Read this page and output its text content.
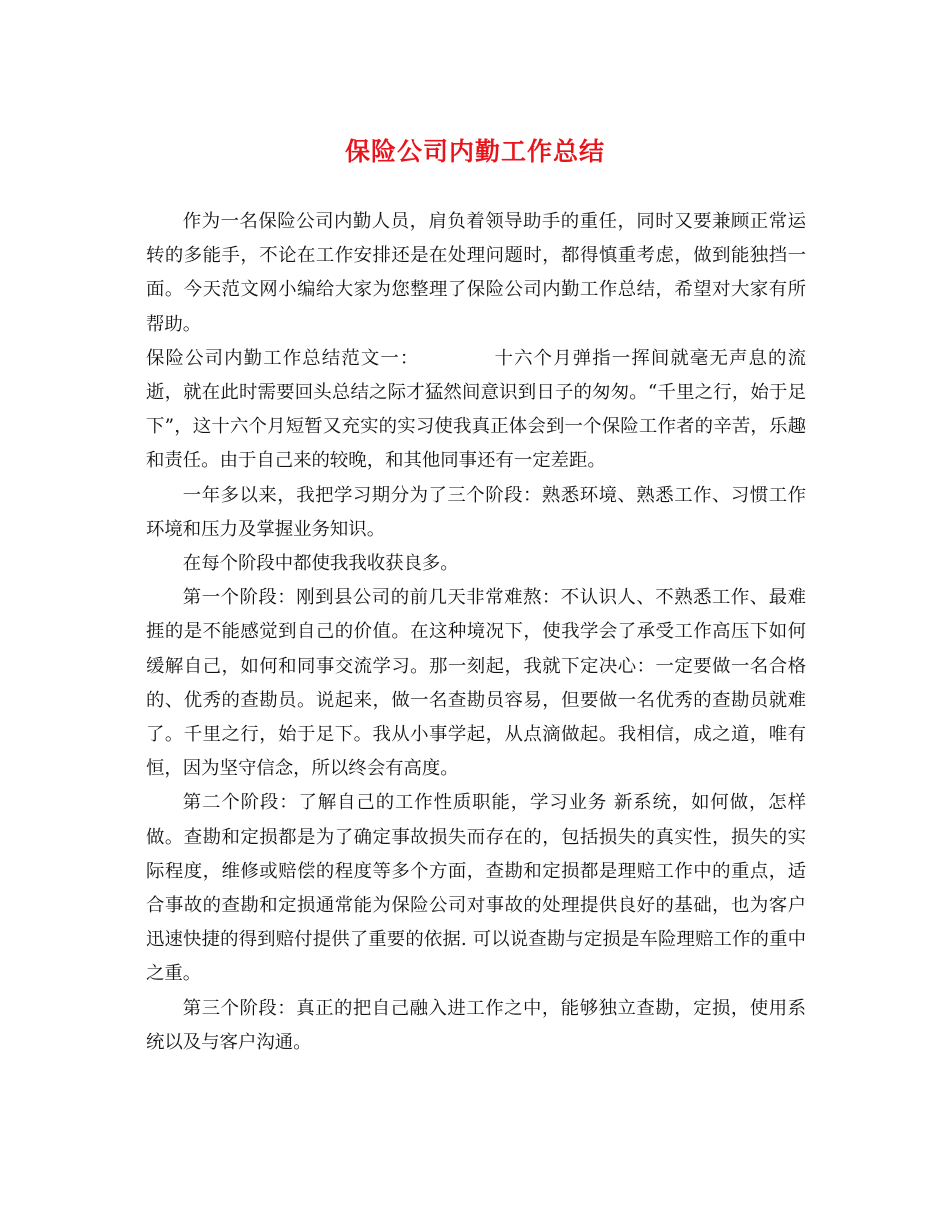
保险公司内勤工作总结

作为一名保险公司内勤人员，肩负着领导助手的重任，同时又要兼顾正常运转的多能手，不论在工作安排还是在处理问题时，都得慎重考虑，做到能独挡一面。今天范文网小编给大家为您整理了保险公司内勤工作总结，希望对大家有所帮助。

保险公司内勤工作总结范文一：	十六个月弹指一挥间就毫无声息的流逝，就在此时需要回头总结之际才猛然间意识到日子的匆匆。“千里之行，始于足下”，这十六个月短暂又充实的实习使我真正体会到一个保险工作者的辛苦，乐趣和责任。由于自己来的较晚，和其他同事还有一定差距。

一年多以来，我把学习期分为了三个阶段：熟悉环境、熟悉工作、习惯工作环境和压力及掌握业务知识。

在每个阶段中都使我我收获良多。

第一个阶段：刚到县公司的前几天非常难熬：不认识人、不熟悉工作、最难捱的是不能感觉到自己的价值。在这种境况下，使我学会了承受工作高压下如何缓解自己，如何和同事交流学习。那一刻起，我就下定决心：一定要做一名合格的、优秀的查勘员。说起来，做一名查勘员容易，但要做一名优秀的查勘员就难了。千里之行，始于足下。我从小事学起，从点滴做起。我相信，成之道，唯有恒，因为坚守信念，所以终会有高度。

第二个阶段：了解自己的工作性质职能，学习业务 新系统，如何做，怎样做。查勘和定损都是为了确定事故损失而存在的，包括损失的真实性，损失的实际程度，维修或赔偿的程度等多个方面，查勘和定损都是理赔工作中的重点，适合事故的查勘和定损通常能为保险公司对事故的处理提供良好的基础，也为客户迅速快捷的得到赔付提供了重要的依据. 可以说查勘与定损是车险理赔工作的重中之重。

第三个阶段：真正的把自己融入进工作之中，能够独立查勘，定损，使用系统以及与客户沟通。
